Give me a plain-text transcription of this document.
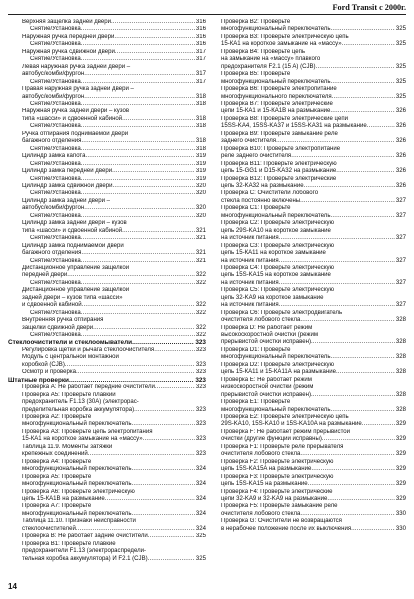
Ford Transit с 2000г.
Верхняя защелка задней двери .....	316
Снятие/Установка .....	316
Наружная ручка передней двери .....	316
Снятие/Установка .....	316
Наружная ручка сдвижной двери .....	317
Снятие/Установка .....	317
Левая наружная ручка задней двери –
автобус/комби/фургон .....	317
Снятие/Установка .....	317
Правая наружная ручка задней двери –
автобус/комби/фургон .....	318
Снятие/Установка .....	318
Наружная ручка задней двери – кузов
типа «шасси» и сдвоенной кабиной .....	318
Снятие/Установка .....	318
Ручка отпирания поднимаемой двери
багажного отделения .....	318
Снятие/Установка .....	318
Цилиндр замка капота .....	319
Снятие/Установка .....	319
Цилиндр замка передней двери .....	319
Снятие/Установка .....	319
Цилиндр замка сдвижной двери .....	320
Снятие/Установка .....	320
Цилиндр замка задней двери –
автобус/комби/фургон .....	320
Снятие/Установка .....	320
Цилиндр замка задней двери – кузов
типа «шасси» и сдвоенной кабиной .....	321
Снятие/Установка .....	321
Цилиндр замка поднимаемой двери
багажного отделения .....	321
Снятие/Установка .....	321
Дистанционное управление защелкой
передней двери .....	322
Снятие/Установка .....	322
Дистанционное управление защелкой
задней двери – кузов типа «шасси»
и сдвоенной кабиной .....	322
Снятие/Установка .....	322
Внутренняя ручка отпирания
защелки сдвижной двери .....	322
Снятие/Установка .....	322
Стеклоочистители и стеклоомыватели .....	323
Регулировка щетки и рычага стеклоочистителя .....	323
Модуль с центральной монтажной
коробкой (CJB) .....	323
Осмотр и проверка .....	323
Штатные проверки .....	323
Проверка А: Не работает передние очистители .....	323
Проверка А5: Проверьте плавкий
предохранитель F1.13 (30А) (электрорас-
пределительная коробка аккумулятора) .....	323
Проверка А2: Проверьте
многофункциональный переключатель .....	323
Проверка А3: Проверьте цепь электропитания
15-КА1 на короткое замыкание на «массу» .....	323
Таблица 11.9. Моменты затяжки
крепежных соединений .....	323
Проверка А4: Проверьте
многофункциональный переключатель .....	324
Проверка А5: Проверьте
многофункциональный переключатель .....	324
Проверка А6: Проверьте электрическую
цепь 15-КА1В на размыкание .....	324
Проверка А7: Проверьте
многофункциональный переключатель .....	324
Таблица 11.10. Признаки неисправности
стеклоочистителей .....	324
Проверка В: Не работает задние очистители .....	325
Проверка В1: Проверьте плавкие
предохранители F1.13 (электрораспредели-
тельная коробка аккумулятора) И F2.1 (CJB) .....	325
Проверка В2: Проверьте
многофункциональный переключатель .....	325
Проверка В3: Проверьте электрическую цепь
15-КА1 на короткое замыкание на «массу» .....	325
Проверка В4: Проверьте цепь
на замыкание на «массу» плавкого
предохранителя F2.1 (15 A) (CJB) .....	325
Проверка В5: Проверьте
многофункциональный переключатель .....	325
Проверка В6: Проверьте электропитание
многофункционального переключателя .....	325
Проверка В7: Проверьте электрические
цепи 15-КА1 и 15-КА1В на размыкание .....	326
Проверка В8: Проверьте электрические цепи
15SS-KA4, 15SS-KA37 и 15SS-KA31 на размыкание .....	326
Проверка В9: Проверьте замыкание реле
заднего очистителя .....	326
Проверка В10: Проверьте электропитание
реле заднего очистителя .....	326
Проверка В11: Проверьте электрическую
цепь 15-GG1 и D15-KA32 на размыкание .....	326
Проверка В12: Проверьте электрические
цепь 32-KA32 на размыкание .....	326
Проверка С: Очистители лобового
стекла постоянно включены .....	327
Проверка С1: Проверьте
многофункциональный переключатель .....	327
Проверка С2: Проверьте электрическую
цепь 29S-KA10 на короткое замыкание
на источник питания .....	327
Проверка С3: Проверьте электрическую
цепь 15-КА11 на короткое замыкание
на источник питания .....	327
Проверка С4: Проверьте электрическую
цепь 15S-KA15 на короткое замыкание
на источник питания .....	327
Проверка С5: Проверьте электрическую
цепь 32-KA9 на короткое замыкание
на источник питания .....	327
Проверка С6: Проверьте электродвигатель
очистителя лобового стекла .....	328
Проверка D: Не работает режим
высокоскоростной очистки (режим
прерывистой очистки исправен) .....	328
Проверка D1: Проверьте
многофункциональный переключатель .....	328
Проверка D2: Проверьте электрическую
цепь 15-КА11 и 15-КА11А на размыкание .....	328
Проверка Е: Не работает режим
низкоскоростной очистки (режим
прерывистой очистки исправен) .....	328
Проверка Е1: Проверьте
многофункциональный переключатель .....	328
Проверка Е2: Проверьте электрическую цепь
29S-KA10, 15S-KA10 и 15S-KA10A на размыкание .....	329
Проверка F: Не работает режим прерывистой
очистки (другие функции исправны) .....	329
Проверка F1: Проверьте реле прерывателя
очистителя лобового стекла .....	329
Проверка F2: Проверьте электрическую
цепь 15S-KA15A на размыкание .....	329
Проверка F3: Проверьте электрическую
цепь 15S-KA15 на размыкание .....	329
Проверка F4: Проверьте электрические
цепи 32-KA9 и 32-KA9 на размыкание .....	329
Проверка F5: Проверьте замыкание реле
очистителя лобового стекла .....	330
Проверка G: Очистители не возвращаются
в нерабочее положение после их выключения .....	330
14
